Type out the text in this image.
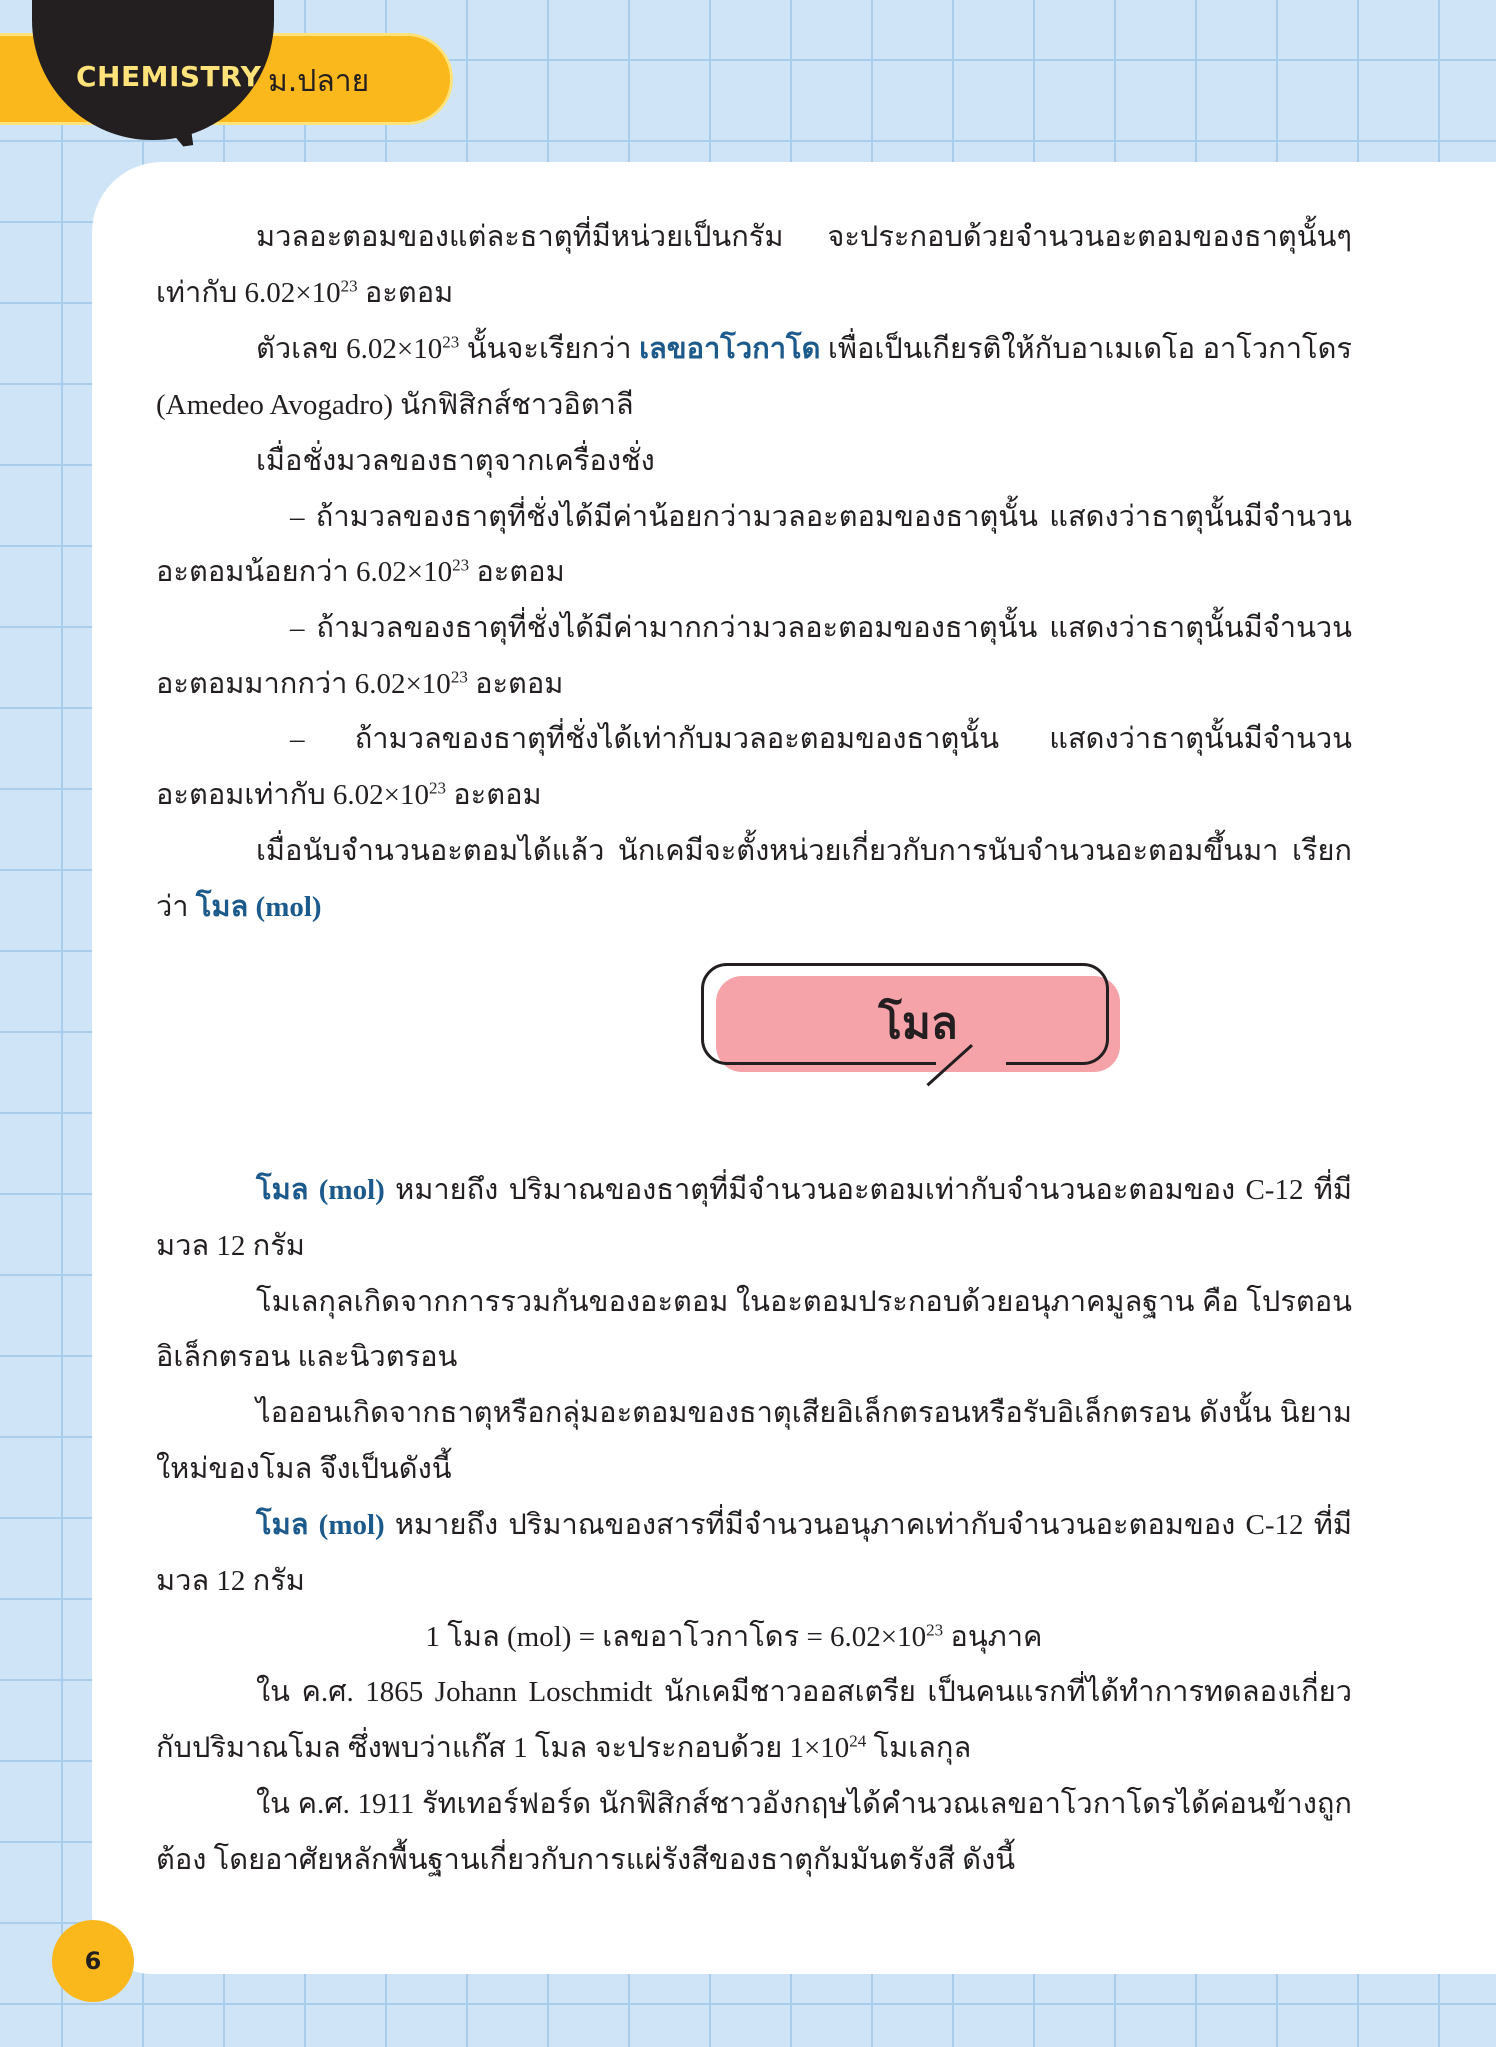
CHEMISTRY ม.ปลาย

มวลอะตอมของแต่ละธาตุที่มีหน่วยเป็นกรัม จะประกอบด้วยจำนวนอะตอมของธาตุนั้นๆ เท่ากับ $6.02\times 10^{23}$ อะตอม

ตัวเลข $6.02\times 10^{23}$ นั้นจะเรียกว่า เลขอาโวกาโด เพื่อเป็นเกียรติให้กับอาเมเดโอ อาโวกาโดร (Amedeo Avogadro) นักฟิสิกส์ชาวอิตาลี

เมื่อชั่งมวลของธาตุจากเครื่องชั่ง

– ถ้ามวลของธาตุที่ชั่งได้มีค่าน้อยกว่ามวลอะตอมของธาตุนั้น แสดงว่าธาตุนั้นมีจำนวนอะตอมน้อยกว่า $6.02\times 10^{23}$ อะตอม

– ถ้ามวลของธาตุที่ชั่งได้มีค่ามากกว่ามวลอะตอมของธาตุนั้น แสดงว่าธาตุนั้นมีจำนวนอะตอมมากกว่า $6.02\times 10^{23}$ อะตอม

– ถ้ามวลของธาตุที่ชั่งได้เท่ากับมวลอะตอมของธาตุนั้น แสดงว่าธาตุนั้นมีจำนวนอะตอมเท่ากับ $6.02\times 10^{23}$ อะตอม

เมื่อนับจำนวนอะตอมได้แล้ว นักเคมีจะตั้งหน่วยเกี่ยวกับการนับจำนวนอะตอมขึ้นมา เรียกว่า โมล (mol)

โมล

โมล (mol) หมายถึง ปริมาณของธาตุที่มีจำนวนอะตอมเท่ากับจำนวนอะตอมของ C-12 ที่มีมวล 12 กรัม

โมเลกุลเกิดจากการรวมกันของอะตอม ในอะตอมประกอบด้วยอนุภาคมูลฐาน คือ โปรตอน อิเล็กตรอน และนิวตรอน

ไอออนเกิดจากธาตุหรือกลุ่มอะตอมของธาตุเสียอิเล็กตรอนหรือรับอิเล็กตรอน ดังนั้น นิยามใหม่ของโมล จึงเป็นดังนี้

โมล (mol) หมายถึง ปริมาณของสารที่มีจำนวนอนุภาคเท่ากับจำนวนอะตอมของ C-12 ที่มีมวล 12 กรัม

1 โมล (mol) = เลขอาโวกาโดร = $6.02\times 10^{23}$ อนุภาค

ใน ค.ศ. 1865 Johann Loschmidt นักเคมีชาวออสเตรีย เป็นคนแรกที่ได้ทำการทดลองเกี่ยวกับปริมาณโมล ซึ่งพบว่าแก๊ส 1 โมล จะประกอบด้วย $1\times 10^{24}$ โมเลกุล

ใน ค.ศ. 1911 รัทเทอร์ฟอร์ด นักฟิสิกส์ชาวอังกฤษได้คำนวณเลขอาโวกาโดรได้ค่อนข้างถูกต้อง โดยอาศัยหลักพื้นฐานเกี่ยวกับการแผ่รังสีของธาตุกัมมันตรังสี ดังนี้

6
